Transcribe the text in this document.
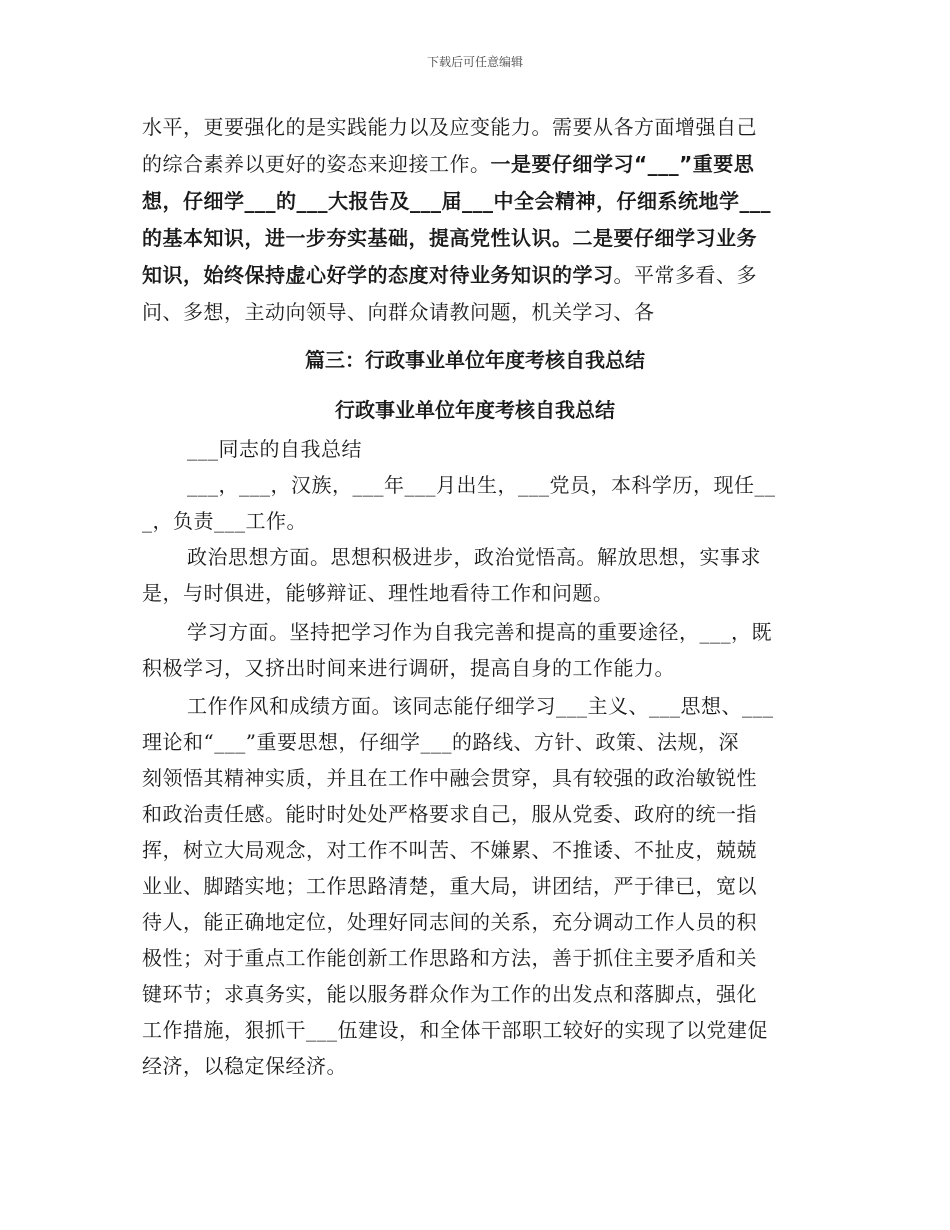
下载后可任意编辑
水平，更要强化的是实践能力以及应变能力。需要从各方面增强自己
的综合素养以更好的姿态来迎接工作。一是要仔细学习“___”重要思
想，仔细学___的___大报告及___届___中全会精神，仔细系统地学___
的基本知识，进一步夯实基础，提高党性认识。二是要仔细学习业务
知识，始终保持虚心好学的态度对待业务知识的学习。平常多看、多
问、多想，主动向领导、向群众请教问题，机关学习、各
篇三：行政事业单位年度考核自我总结
行政事业单位年度考核自我总结
___同志的自我总结
___，___，汉族，___年___月出生，___党员，本科学历，现任__
_，负责___工作。
政治思想方面。思想积极进步，政治觉悟高。解放思想，实事求
是，与时俱进，能够辩证、理性地看待工作和问题。
学习方面。坚持把学习作为自我完善和提高的重要途径，___，既
积极学习，又挤出时间来进行调研，提高自身的工作能力。
工作作风和成绩方面。该同志能仔细学习___主义、___思想、___
理论和“___”重要思想，仔细学___的路线、方针、政策、法规，深
刻领悟其精神实质，并且在工作中融会贯穿，具有较强的政治敏锐性
和政治责任感。能时时处处严格要求自己，服从党委、政府的统一指
挥，树立大局观念，对工作不叫苦、不嫌累、不推诿、不扯皮，兢兢
业业、脚踏实地；工作思路清楚，重大局，讲团结，严于律已，宽以
待人，能正确地定位，处理好同志间的关系，充分调动工作人员的积
极性；对于重点工作能创新工作思路和方法，善于抓住主要矛盾和关
键环节；求真务实，能以服务群众作为工作的出发点和落脚点，强化
工作措施，狠抓干___伍建设，和全体干部职工较好的实现了以党建促
经济，以稳定保经济。
